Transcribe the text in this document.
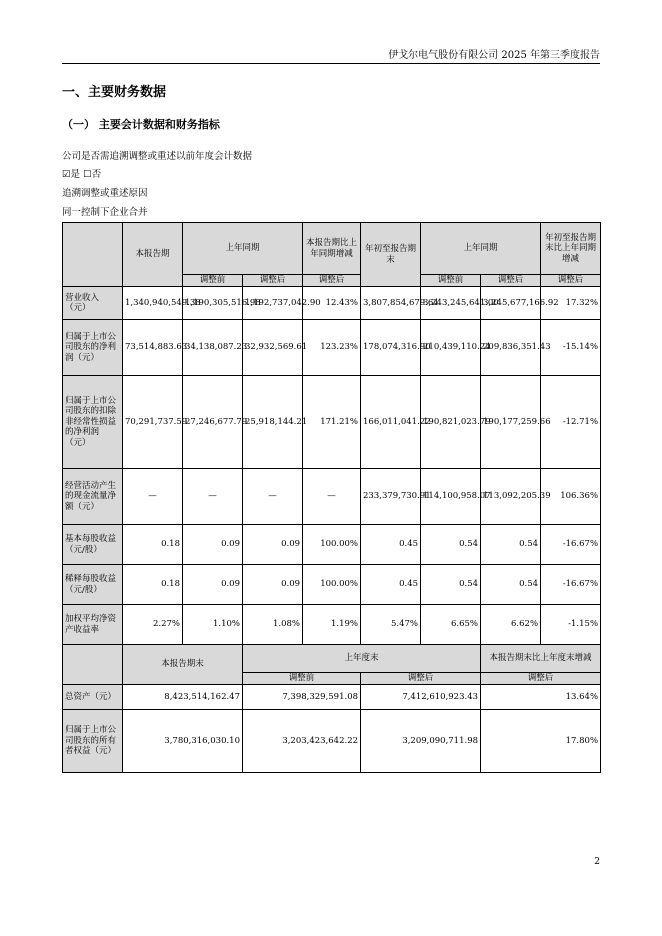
伊戈尔电气股份有限公司 2025 年第三季度报告
一、主要财务数据
（一） 主要会计数据和财务指标
公司是否需追溯调整或重述以前年度会计数据
☑是 ☐否
追溯调整或重述原因
同一控制下企业合并
	本报告期	上年同期		本报告期比上年同期增减	年初至报告期末	上年同期		年初至报告期末比上年同期增减
		调整前	调整后	调整后		调整前	调整后	调整后
营业收入（元）	1,340,940,549.38	1,190,305,516.98	1,192,737,042.90	12.43%	3,807,854,679.64	3,243,245,641.00	3,245,677,166.92	17.32%
归属于上市公司股东的净利润（元）	73,514,883.63	34,138,087.23	32,932,569.61	123.23%	178,074,316.90	210,439,110.24	209,836,351.43	-15.14%
归属于上市公司股东的扣除非经常性损益的净利润（元）	70,291,737.59	27,246,677.79	25,918,144.21	171.21%	166,011,041.22	190,821,023.79	190,177,259.66	-12.71%
经营活动产生的现金流量净额（元）	—	—	—	—	233,379,730.91	114,100,958.07	113,092,205.39	106.36%
基本每股收益（元/股）	0.18	0.09	0.09	100.00%	0.45	0.54	0.54	-16.67%
稀释每股收益（元/股）	0.18	0.09	0.09	100.00%	0.45	0.54	0.54	-16.67%
加权平均净资产收益率	2.27%	1.10%	1.08%	1.19%	5.47%	6.65%	6.62%	-1.15%
	本报告期末		上年度末				本报告期末比上年度末增减	
			调整前		调整后		调整后	
总资产（元）	8,423,514,162.47		7,398,329,591.08		7,412,610,923.43		13.64%	
归属于上市公司股东的所有者权益（元）	3,780,316,030.10		3,203,423,642.22		3,209,090,711.98		17.80%	
2
